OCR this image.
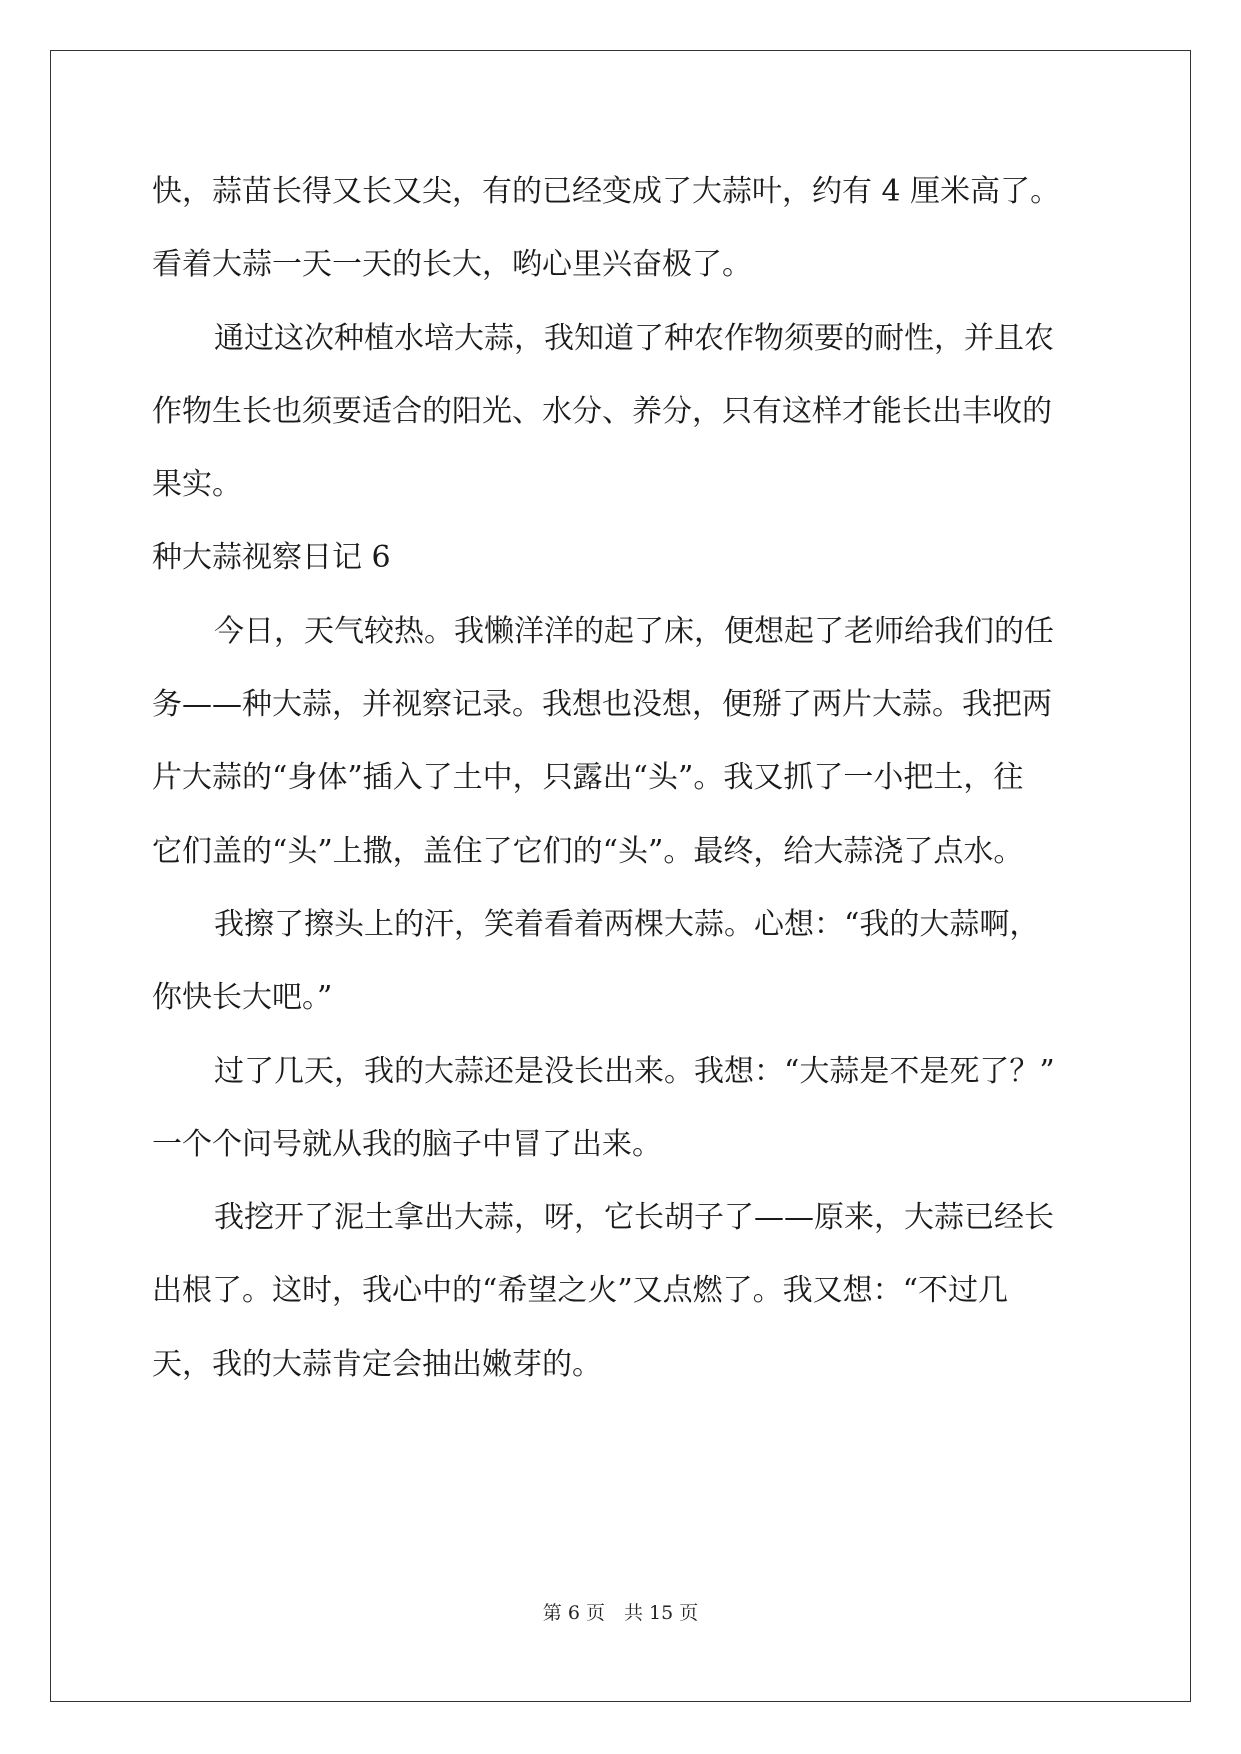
快，蒜苗长得又长又尖，有的已经变成了大蒜叶，约有 4 厘米高了。
看着大蒜一天一天的长大，哟心里兴奋极了。
通过这次种植水培大蒜，我知道了种农作物须要的耐性，并且农
作物生长也须要适合的阳光、水分、养分，只有这样才能长出丰收的
果实。
种大蒜视察日记 6
今日，天气较热。我懒洋洋的起了床，便想起了老师给我们的任
务——种大蒜，并视察记录。我想也没想，便掰了两片大蒜。我把两
片大蒜的“身体”插入了土中，只露出“头”。我又抓了一小把土，往
它们盖的“头”上撒，盖住了它们的“头”。最终，给大蒜浇了点水。
我擦了擦头上的汗，笑着看着两棵大蒜。心想：“我的大蒜啊，
你快长大吧。”
过了几天，我的大蒜还是没长出来。我想：“大蒜是不是死了？”
一个个问号就从我的脑子中冒了出来。
我挖开了泥土拿出大蒜，呀，它长胡子了——原来，大蒜已经长
出根了。这时，我心中的“希望之火”又点燃了。我又想：“不过几
天，我的大蒜肯定会抽出嫩芽的。
第 6 页　共 15 页
